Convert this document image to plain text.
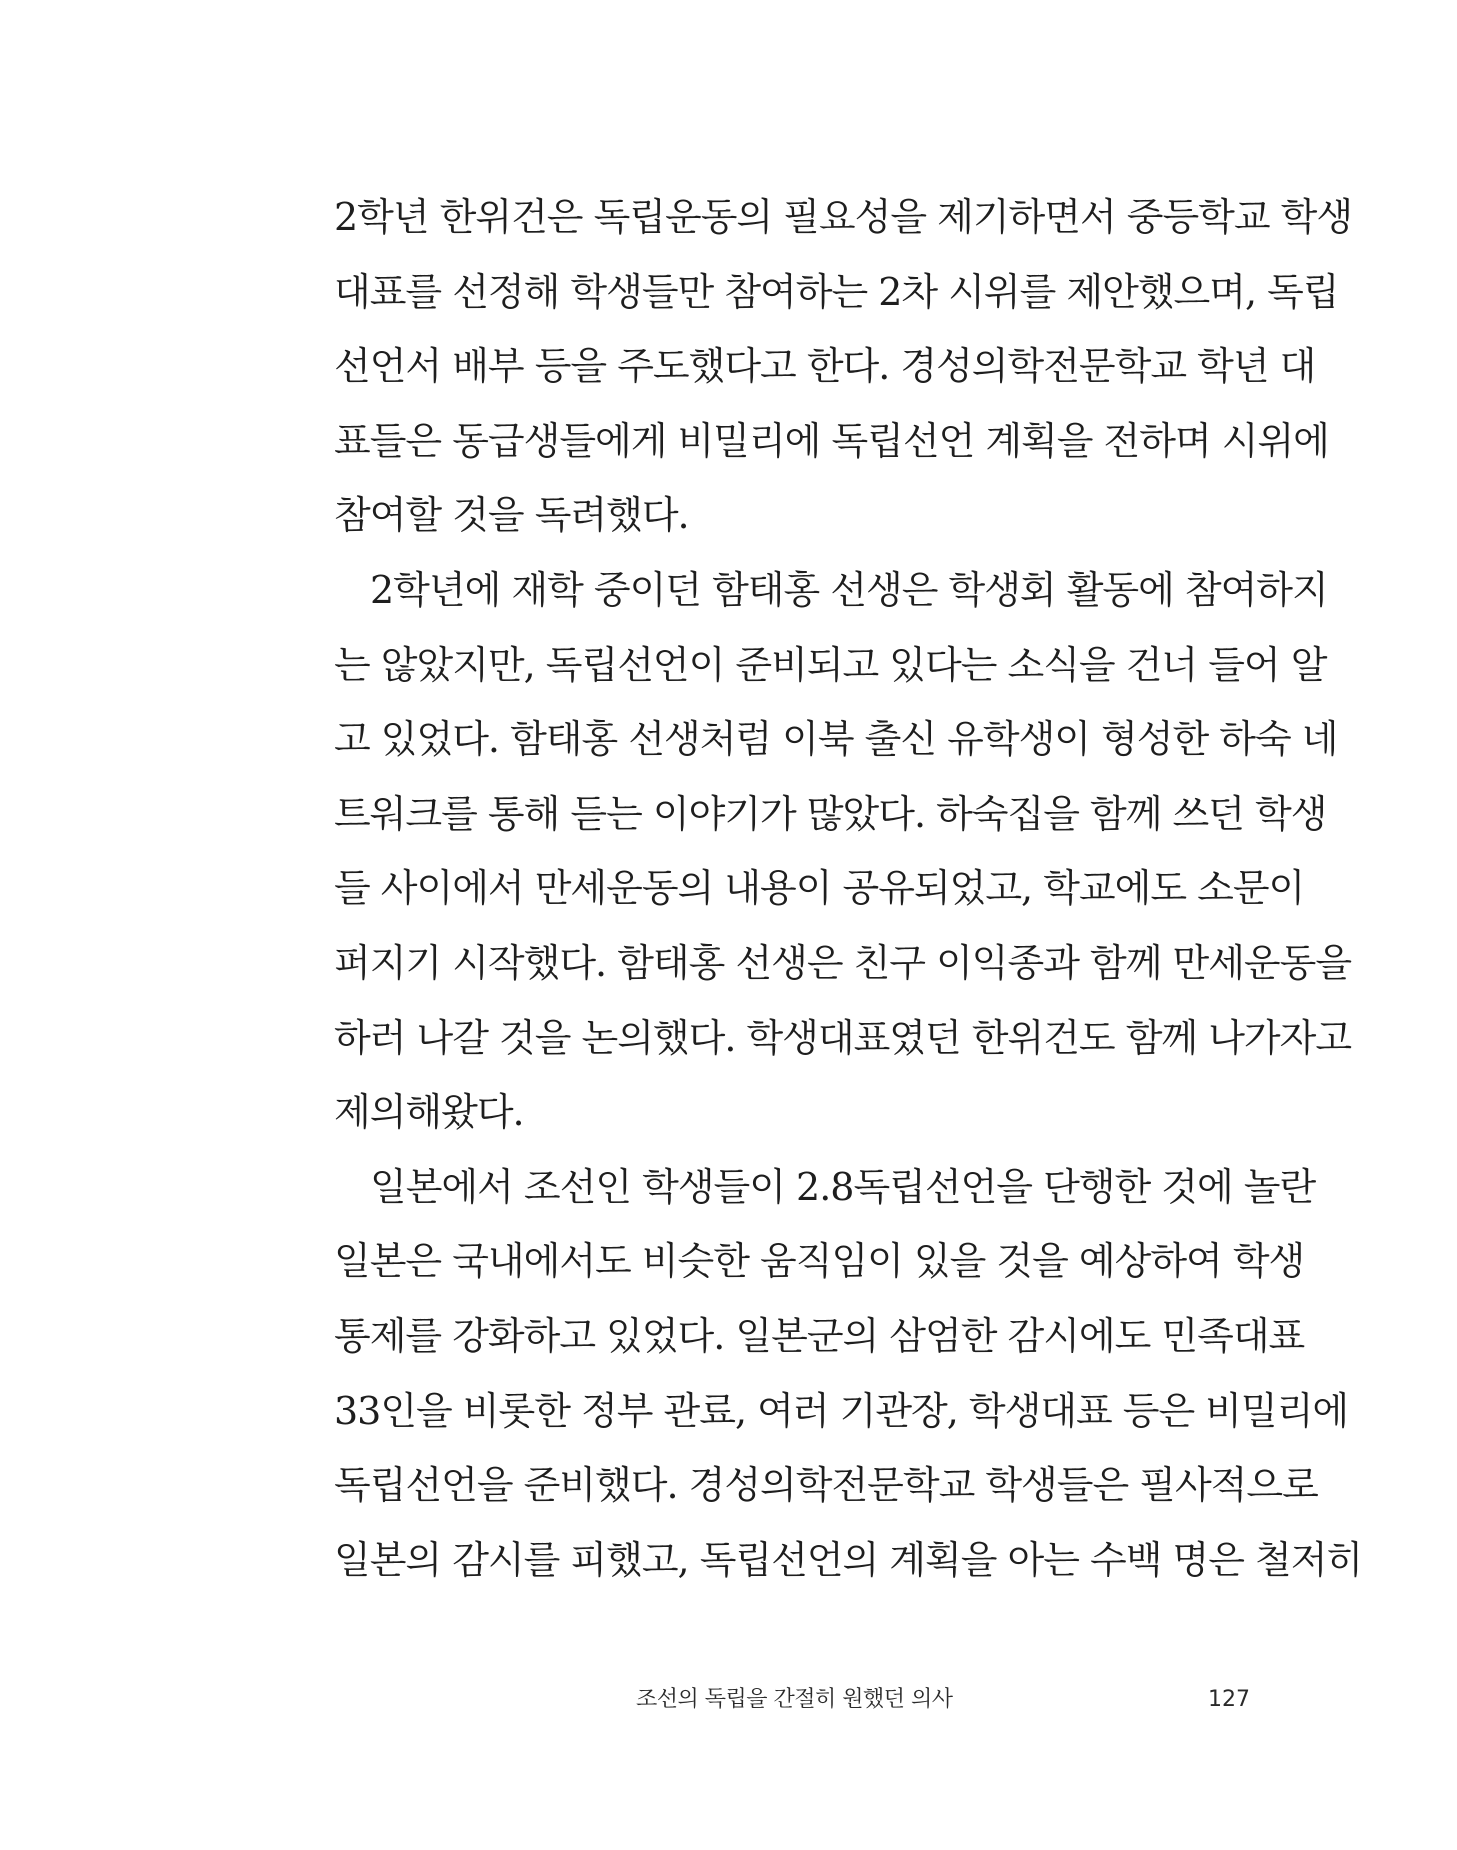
2학년 한위건은 독립운동의 필요성을 제기하면서 중등학교 학생
대표를 선정해 학생들만 참여하는 2차 시위를 제안했으며, 독립
선언서 배부 등을 주도했다고 한다. 경성의학전문학교 학년 대
표들은 동급생들에게 비밀리에 독립선언 계획을 전하며 시위에
참여할 것을 독려했다.
2학년에 재학 중이던 함태홍 선생은 학생회 활동에 참여하지
는 않았지만, 독립선언이 준비되고 있다는 소식을 건너 들어 알
고 있었다. 함태홍 선생처럼 이북 출신 유학생이 형성한 하숙 네
트워크를 통해 듣는 이야기가 많았다. 하숙집을 함께 쓰던 학생
들 사이에서 만세운동의 내용이 공유되었고, 학교에도 소문이
퍼지기 시작했다. 함태홍 선생은 친구 이익종과 함께 만세운동을
하러 나갈 것을 논의했다. 학생대표였던 한위건도 함께 나가자고
제의해왔다.
일본에서 조선인 학생들이 2.8독립선언을 단행한 것에 놀란
일본은 국내에서도 비슷한 움직임이 있을 것을 예상하여 학생
통제를 강화하고 있었다. 일본군의 삼엄한 감시에도 민족대표
33인을 비롯한 정부 관료, 여러 기관장, 학생대표 등은 비밀리에
독립선언을 준비했다. 경성의학전문학교 학생들은 필사적으로
일본의 감시를 피했고, 독립선언의 계획을 아는 수백 명은 철저히
조선의 독립을 간절히 원했던 의사	127
